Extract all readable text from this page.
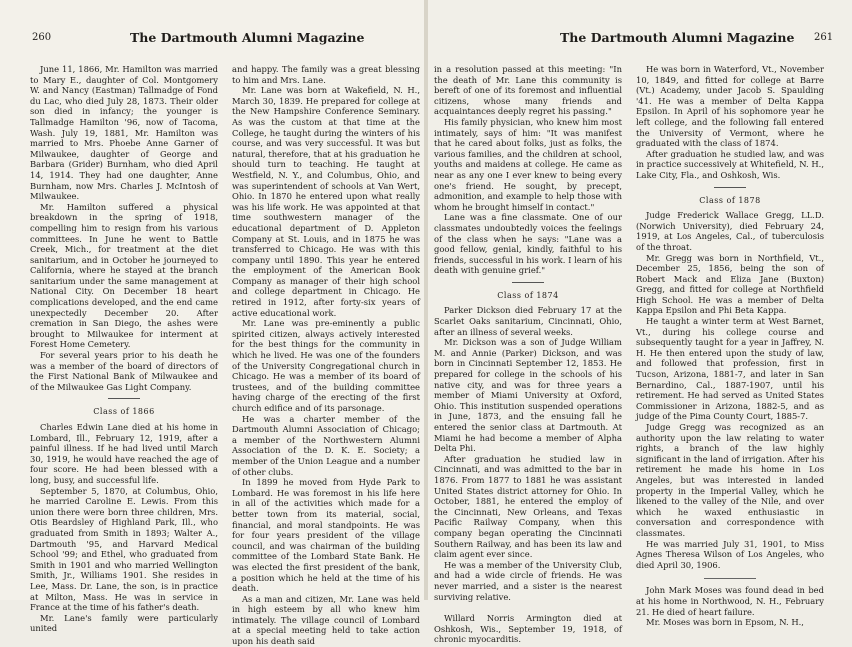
260	The Dartmouth Alumni Magazine

June 11, 1866, Mr. Hamilton was married to Mary E., daughter of Col. Montgomery W. and Nancy (Eastman) Tallmadge of Fond du Lac, who died July 28, 1873. Their older son died in infancy; the younger is Tallmadge Hamilton '96, now of Tacoma, Wash. July 19, 1881, Mr. Hamilton was married to Mrs. Phoebe Anne Garner of Milwaukee, daughter of George and Barbara (Grider) Burnham, who died April 14, 1914. They had one daughter, Anne Burnham, now Mrs. Charles J. McIntosh of Milwaukee.

Mr. Hamilton suffered a physical breakdown in the spring of 1918, compelling him to resign from his various committees. In June he went to Battle Creek, Mich., for treatment at the diet sanitarium, and in October he journeyed to California, where he stayed at the branch sanitarium under the same management at National City. On December 18 heart complications developed, and the end came unexpectedly December 20. After cremation in San Diego, the ashes were brought to Milwaukee for interment at Forest Home Cemetery.

For several years prior to his death he was a member of the board of directors of the First National Bank of Milwaukee and of the Milwaukee Gas Light Company.

Class of 1866

Charles Edwin Lane died at his home in Lombard, Ill., February 12, 1919, after a painful illness. If he had lived until March 30, 1919, he would have reached the age of four score. He had been blessed with a long, busy, and successful life.

September 5, 1870, at Columbus, Ohio, he married Caroline E. Lewis. From this union there were born three children, Mrs. Otis Beardsley of Highland Park, Ill., who graduated from Smith in 1893; Walter A., Dartmouth '95, and Harvard Medical School '99; and Ethel, who graduated from Smith in 1901 and who married Wellington Smith, Jr., Williams 1901. She resides in Lee, Mass. Dr. Lane, the son, is in practice at Milton, Mass. He was in service in France at the time of his father's death.

Mr. Lane's family were particularly united

and happy. The family was a great blessing to him and Mrs. Lane.

Mr. Lane was born at Wakefield, N. H., March 30, 1839. He prepared for college at the New Hampshire Conference Seminary. As was the custom at that time at the College, he taught during the winters of his course, and was very successful. It was but natural, therefore, that at his graduation he should turn to teaching. He taught at Westfield, N. Y., and Columbus, Ohio, and was superintendent of schools at Van Wert, Ohio. In 1870 he entered upon what really was his life work. He was appointed at that time southwestern manager of the educational department of D. Appleton Company at St. Louis, and in 1875 he was transferred to Chicago. He was with this company until 1890. This year he entered the employment of the American Book Company as manager of their high school and college department in Chicago. He retired in 1912, after forty-six years of active educational work.

Mr. Lane was pre-eminently a public spirited citizen, always actively interested for the best things for the community in which he lived. He was one of the founders of the University Congregational church in Chicago. He was a member of its board of trustees, and of the building committee having charge of the erecting of the first church edifice and of its parsonage.

He was a charter member of the Dartmouth Alumni Association of Chicago; a member of the Northwestern Alumni Association of the D. K. E. Society; a member of the Union League and a number of other clubs.

In 1899 he moved from Hyde Park to Lombard. He was foremost in his life here in all of the activities which made for a better town from its material, social, financial, and moral standpoints. He was for four years president of the village council, and was chairman of the building committee of the Lombard State Bank. He was elected the first president of the bank, a position which he held at the time of his death.

As a man and citizen, Mr. Lane was held in high esteem by all who knew him intimately. The village council of Lombard at a special meeting held to take action upon his death said

The Dartmouth Alumni Magazine 261

in a resolution passed at this meeting: "In the death of Mr. Lane this community is bereft of one of its foremost and influential citizens, whose many friends and acquaintances deeply regret his passing."

His family physician, who knew him most intimately, says of him: "It was manifest that he cared about folks, just as folks, the various families, and the children at school, youths and maidens at college. He came as near as any one I ever knew to being every one's friend. He sought, by precept, admonition, and example to help those with whom he brought himself in contact."

Lane was a fine classmate. One of our classmates undoubtedly voices the feelings of the class when he says: "Lane was a good fellow, genial, kindly, faithful to his friends, successful in his work. I learn of his death with genuine grief."

Class of 1874

Parker Dickson died February 17 at the Scarlet Oaks sanitarium, Cincinnati, Ohio, after an illness of several weeks.

Mr. Dickson was a son of Judge William M. and Annie (Parker) Dickson, and was born in Cincinnati September 12, 1853. He prepared for college in the schools of his native city, and was for three years a member of Miami University at Oxford, Ohio. This institution suspended operations in June, 1873, and the ensuing fall he entered the senior class at Dartmouth. At Miami he had become a member of Alpha Delta Phi.

After graduation he studied law in Cincinnati, and was admitted to the bar in 1876. From 1877 to 1881 he was assistant United States district attorney for Ohio. In October, 1881, he entered the employ of the Cincinnati, New Orleans, and Texas Pacific Railway Company, when this company began operating the Cincinnati Southern Railway, and has been its law and claim agent ever since.

He was a member of the University Club, and had a wide circle of friends. He was never married, and a sister is the nearest surviving relative.

Willard Norris Armington died at Oshkosh, Wis., September 19, 1918, of chronic myocarditis.

He was born in Waterford, Vt., November 10, 1849, and fitted for college at Barre (Vt.) Academy, under Jacob S. Spaulding '41. He was a member of Delta Kappa Epsilon. In April of his sophomore year he left college, and the following fall entered the University of Vermont, where he graduated with the class of 1874.

After graduation he studied law, and was in practice successively at Whitefield, N. H., Lake City, Fla., and Oshkosh, Wis.

Class of 1878

Judge Frederick Wallace Gregg, LL.D. (Norwich University), died February 24, 1919, at Los Angeles, Cal., of tuberculosis of the throat.

Mr. Gregg was born in Northfield, Vt., December 25, 1856, being the son of Robert Mack and Eliza Jane (Buxton) Gregg, and fitted for college at Northfield High School. He was a member of Delta Kappa Epsilon and Phi Beta Kappa.

He taught a winter term at West Barnet, Vt., during his college course and subsequently taught for a year in Jaffrey, N. H. He then entered upon the study of law, and followed that profession, first in Tucson, Arizona, 1881-7, and later in San Bernardino, Cal., 1887-1907, until his retirement. He had served as United States Commissioner in Arizona, 1882-5, and as judge of the Pima County Court, 1885-7.

Judge Gregg was recognized as an authority upon the law relating to water rights, a branch of the law highly significant in the land of irrigation. After his retirement he made his home in Los Angeles, but was interested in landed property in the Imperial Valley, which he likened to the valley of the Nile, and over which he waxed enthusiastic in conversation and correspondence with classmates.

He was married July 31, 1901, to Miss Agnes Theresa Wilson of Los Angeles, who died April 30, 1906.

John Mark Moses was found dead in bed at his home in Northwood, N. H., February 21. He died of heart failure.

Mr. Moses was born in Epsom, N. H.,
